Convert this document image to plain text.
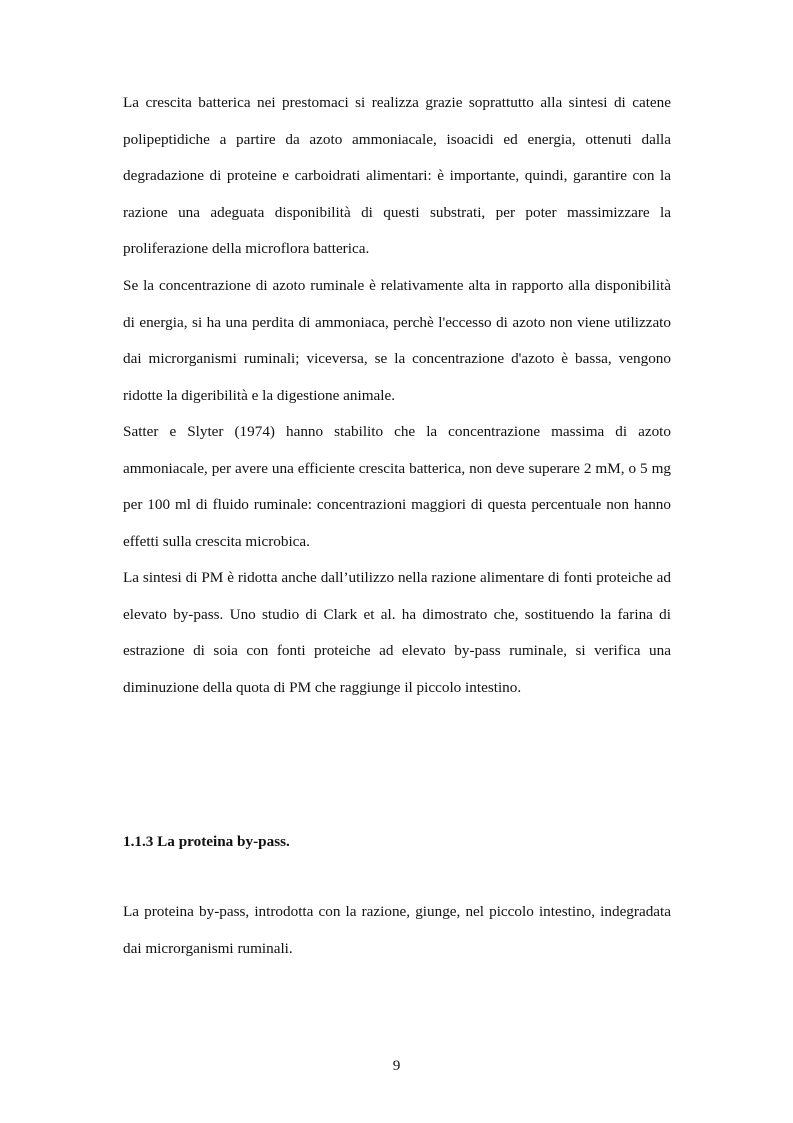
La crescita batterica nei prestomaci si realizza grazie soprattutto alla sintesi di catene polipeptidiche a partire da azoto ammoniacale, isoacidi ed energia, ottenuti dalla degradazione di proteine e carboidrati alimentari: è importante, quindi, garantire con la razione una adeguata disponibilità di questi substrati, per poter massimizzare la proliferazione della microflora batterica.

Se la concentrazione di azoto ruminale è relativamente alta in rapporto alla disponibilità di energia, si ha una perdita di ammoniaca, perchè l'eccesso di azoto non viene utilizzato dai microrganismi ruminali; viceversa, se la concentrazione d'azoto è bassa, vengono ridotte la digeribilità e la digestione animale.

Satter e Slyter (1974) hanno stabilito che la concentrazione massima di azoto ammoniacale, per avere una efficiente crescita batterica, non deve superare 2 mM, o 5 mg per 100 ml di fluido ruminale: concentrazioni maggiori di questa percentuale non hanno effetti sulla crescita microbica.

La sintesi di PM è ridotta anche dall’utilizzo nella razione alimentare di fonti proteiche ad elevato by-pass. Uno studio di Clark et al. ha dimostrato che, sostituendo la farina di estrazione di soia con fonti proteiche ad elevato by-pass ruminale, si verifica una diminuzione della quota di PM che raggiunge il piccolo intestino.

1.1.3 La proteina by-pass.

La proteina by-pass, introdotta con la razione, giunge, nel piccolo intestino, indegradata dai microrganismi ruminali.

9
